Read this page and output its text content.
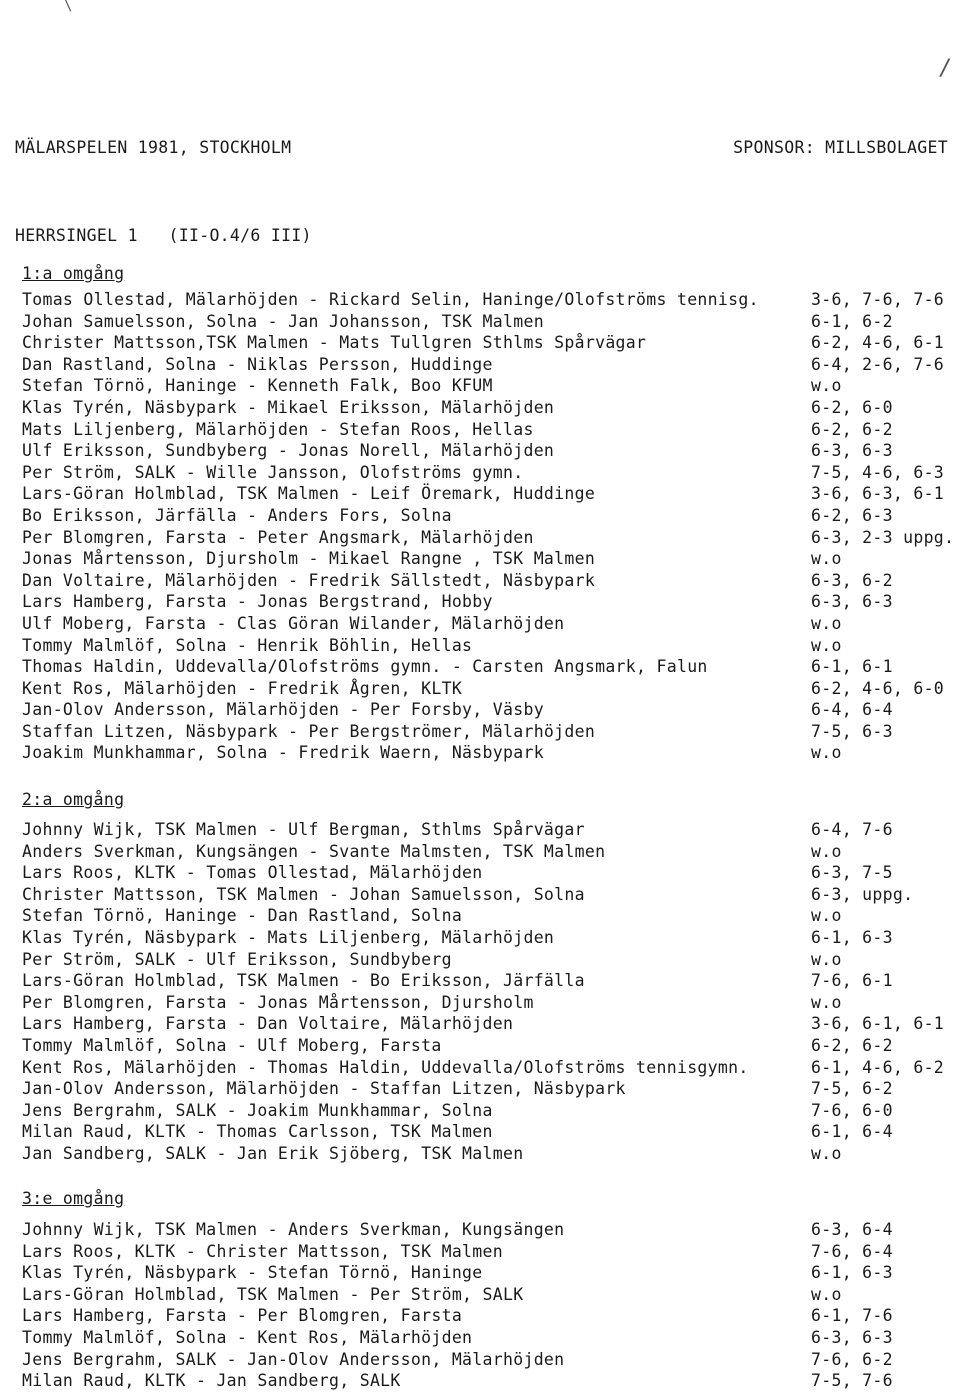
\
/
MÄLARSPELEN 1981, STOCKHOLM	SPONSOR: MILLSBOLAGET
HERRSINGEL 1   (II-O.4/6 III)
1:a omgång
Tomas Ollestad, Mälarhöjden - Rickard Selin, Haninge/Olofströms tennisg.	3-6, 7-6, 7-6
Johan Samuelsson, Solna - Jan Johansson, TSK Malmen	6-1, 6-2
Christer Mattsson,TSK Malmen - Mats Tullgren Sthlms Spårvägar	6-2, 4-6, 6-1
Dan Rastland, Solna - Niklas Persson, Huddinge	6-4, 2-6, 7-6
Stefan Törnö, Haninge - Kenneth Falk, Boo KFUM	w.o
Klas Tyrén, Näsbypark - Mikael Eriksson, Mälarhöjden	6-2, 6-0
Mats Liljenberg, Mälarhöjden - Stefan Roos, Hellas	6-2, 6-2
Ulf Eriksson, Sundbyberg - Jonas Norell, Mälarhöjden	6-3, 6-3
Per Ström, SALK - Wille Jansson, Olofströms gymn.	7-5, 4-6, 6-3
Lars-Göran Holmblad, TSK Malmen - Leif Öremark, Huddinge	3-6, 6-3, 6-1
Bo Eriksson, Järfälla - Anders Fors, Solna	6-2, 6-3
Per Blomgren, Farsta - Peter Angsmark, Mälarhöjden	6-3, 2-3 uppg.
Jonas Mårtensson, Djursholm - Mikael Rangne , TSK Malmen	w.o
Dan Voltaire, Mälarhöjden - Fredrik Sällstedt, Näsbypark	6-3, 6-2
Lars Hamberg, Farsta - Jonas Bergstrand, Hobby	6-3, 6-3
Ulf Moberg, Farsta - Clas Göran Wilander, Mälarhöjden	w.o
Tommy Malmlöf, Solna - Henrik Böhlin, Hellas	w.o
Thomas Haldin, Uddevalla/Olofströms gymn. - Carsten Angsmark, Falun	6-1, 6-1
Kent Ros, Mälarhöjden - Fredrik Ågren, KLTK	6-2, 4-6, 6-0
Jan-Olov Andersson, Mälarhöjden - Per Forsby, Väsby	6-4, 6-4
Staffan Litzen, Näsbypark - Per Bergströmer, Mälarhöjden	7-5, 6-3
Joakim Munkhammar, Solna - Fredrik Waern, Näsbypark	w.o
2:a omgång
Johnny Wijk, TSK Malmen - Ulf Bergman, Sthlms Spårvägar	6-4, 7-6
Anders Sverkman, Kungsängen - Svante Malmsten, TSK Malmen	w.o
Lars Roos, KLTK - Tomas Ollestad, Mälarhöjden	6-3, 7-5
Christer Mattsson, TSK Malmen - Johan Samuelsson, Solna	6-3, uppg.
Stefan Törnö, Haninge - Dan Rastland, Solna	w.o
Klas Tyrén, Näsbypark - Mats Liljenberg, Mälarhöjden	6-1, 6-3
Per Ström, SALK - Ulf Eriksson, Sundbyberg	w.o
Lars-Göran Holmblad, TSK Malmen - Bo Eriksson, Järfälla	7-6, 6-1
Per Blomgren, Farsta - Jonas Mårtensson, Djursholm	w.o
Lars Hamberg, Farsta - Dan Voltaire, Mälarhöjden	3-6, 6-1, 6-1
Tommy Malmlöf, Solna - Ulf Moberg, Farsta	6-2, 6-2
Kent Ros, Mälarhöjden - Thomas Haldin, Uddevalla/Olofströms tennisgymn.	6-1, 4-6, 6-2
Jan-Olov Andersson, Mälarhöjden - Staffan Litzen, Näsbypark	7-5, 6-2
Jens Bergrahm, SALK - Joakim Munkhammar, Solna	7-6, 6-0
Milan Raud, KLTK - Thomas Carlsson, TSK Malmen	6-1, 6-4
Jan Sandberg, SALK - Jan Erik Sjöberg, TSK Malmen	w.o
3:e omgång
Johnny Wijk, TSK Malmen - Anders Sverkman, Kungsängen	6-3, 6-4
Lars Roos, KLTK - Christer Mattsson, TSK Malmen	7-6, 6-4
Klas Tyrén, Näsbypark - Stefan Törnö, Haninge	6-1, 6-3
Lars-Göran Holmblad, TSK Malmen - Per Ström, SALK	w.o
Lars Hamberg, Farsta - Per Blomgren, Farsta	6-1, 7-6
Tommy Malmlöf, Solna - Kent Ros, Mälarhöjden	6-3, 6-3
Jens Bergrahm, SALK - Jan-Olov Andersson, Mälarhöjden	7-6, 6-2
Milan Raud, KLTK - Jan Sandberg, SALK	7-5, 7-6
